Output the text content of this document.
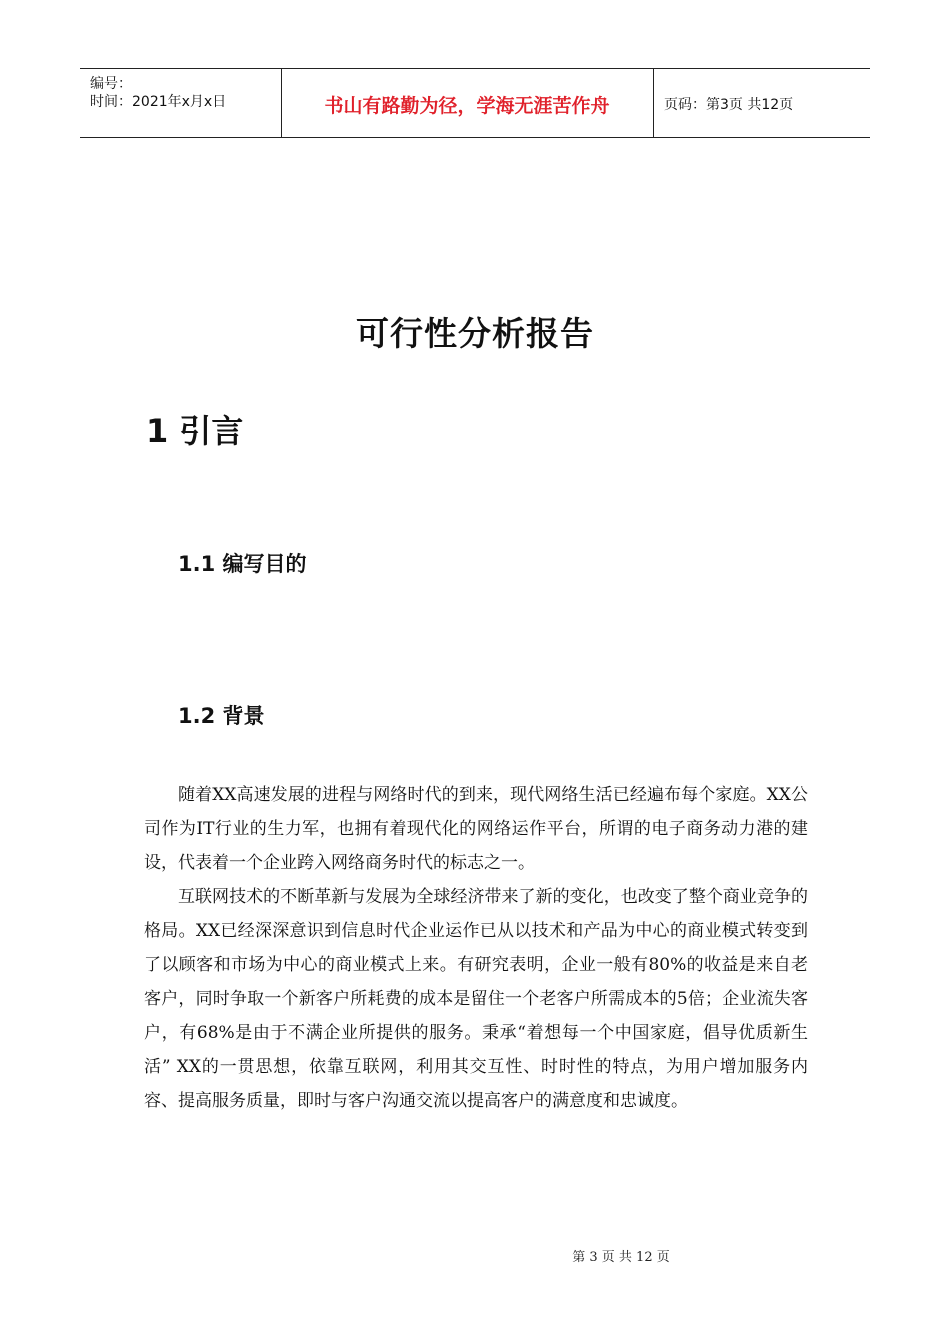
编号：
时间：2021年x月x日	书山有路勤为径，学海无涯苦作舟	页码：第3页 共12页
可行性分析报告
1 引言
1.1 编写目的
1.2 背景

随着XX高速发展的进程与网络时代的到来，现代网络生活已经遍布每个家庭。XX公司作为IT行业的生力军，也拥有着现代化的网络运作平台，所谓的电子商务动力港的建设，代表着一个企业跨入网络商务时代的标志之一。

互联网技术的不断革新与发展为全球经济带来了新的变化，也改变了整个商业竞争的格局。XX已经深深意识到信息时代企业运作已从以技术和产品为中心的商业模式转变到了以顾客和市场为中心的商业模式上来。有研究表明，企业一般有80%的收益是来自老客户，同时争取一个新客户所耗费的成本是留住一个老客户所需成本的5倍；企业流失客户，有68%是由于不满企业所提供的服务。秉承“着想每一个中国家庭，倡导优质新生活” XX的一贯思想，依靠互联网，利用其交互性、时时性的特点，为用户增加服务内容、提高服务质量，即时与客户沟通交流以提高客户的满意度和忠诚度。

第 3 页 共 12 页
